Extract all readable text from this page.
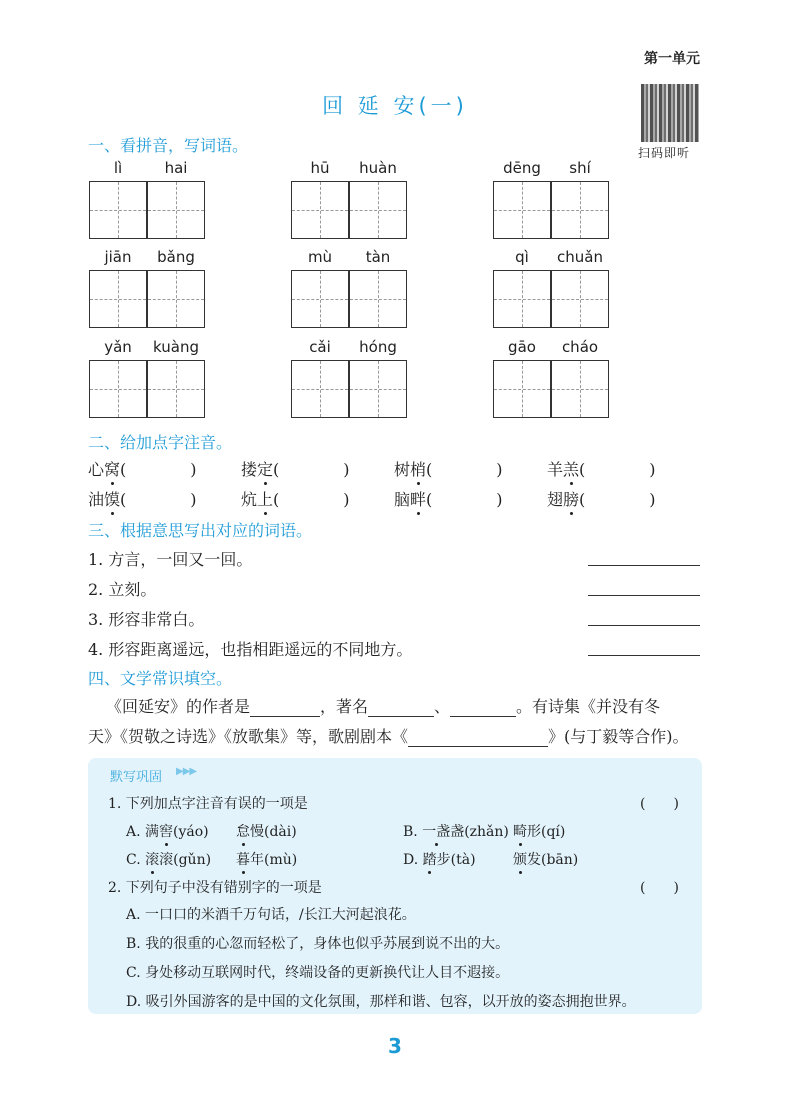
第一单元
扫码即听
回 延 安(一)
一、看拼音，写词语。
lì	hai	hū	huàn	dēng	shí
jiān	bǎng	mù	tàn	qì	chuǎn
yǎn	kuàng	cǎi	hóng	gāo	cháo
二、给加点字注音。
心窝(　　　　)	搂定(　　　　)	树梢(　　　　)	羊羔(　　　　)
油馍(　　　　)	炕上(　　　　)	脑畔(　　　　)	翅膀(　　　　)
三、根据意思写出对应的词语。
1. 方言，一回又一回。
2. 立刻。
3. 形容非常白。
4. 形容距离遥远，也指相距遥远的不同地方。
四、文学常识填空。
《回延安》的作者是	，著名	、	。有诗集《并没有冬
天》《贺敬之诗选》《放歌集》等，歌剧剧本《	》(与丁毅等合作)。
默写巩固 ▶▶▶
1. 下列加点字注音有误的一项是	(　　)
A. 满窖(yáo) 怠慢(dài)	B. 一盏盏(zhǎn) 畸形(qí)
C. 滚滚(gǔn) 暮年(mù)	D. 踏步(tà)	颁发(bān)
2. 下列句子中没有错别字的一项是	(　　)
A. 一口口的米酒千万句话，/长江大河起浪花。
B. 我的很重的心忽而轻松了，身体也似乎苏展到说不出的大。
C. 身处移动互联网时代，终端设备的更新换代让人目不遐接。
D. 吸引外国游客的是中国的文化氛围，那样和谐、包容，以开放的姿态拥抱世界。
3
